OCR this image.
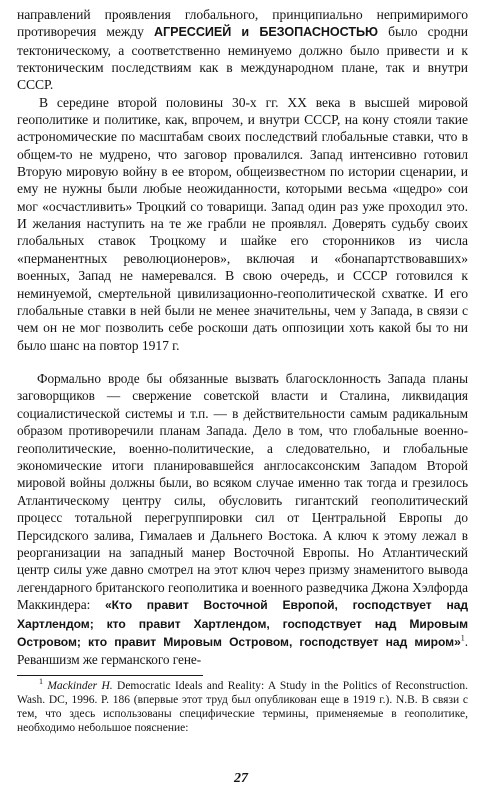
направлений проявления глобального, принципиально непримиримого противоречия между АГРЕССИЕЙ и БЕЗОПАСНОСТЬЮ было сродни тектоническому, а соответственно неминуемо должно было привести и к тектоническим последствиям как в международном плане, так и внутри СССР.

В середине второй половины 30-х гг. XX века в высшей мировой геополитике и политике, как, впрочем, и внутри СССР, на кону стояли такие астрономические по масштабам своих последствий глобальные ставки, что в общем-то не мудрено, что заговор провалился. Запад интенсивно готовил Вторую мировую войну в ее втором, общеизвестном по истории сценарии, и ему не нужны были любые неожиданности, которыми весьма «щедро» сои мог «осчастливить» Троцкий со товарищи. Запад один раз уже проходил это. И желания наступить на те же грабли не проявлял. Доверять судьбу своих глобальных ставок Троцкому и шайке его сторонников из числа «перманентных революционеров», включая и «бонапартствовавших» военных, Запад не намеревался. В свою очередь, и СССР готовился к неминуемой, смертельной цивилизационно-геополитической схватке. И его глобальные ставки в ней были не менее значительны, чем у Запада, в связи с чем он не мог позволить себе роскоши дать оппозиции хоть какой бы то ни было шанс на повтор 1917 г.

Формально вроде бы обязанные вызвать благосклонность Запада планы заговорщиков — свержение советской власти и Сталина, ликвидация социалистической системы и т.п. — в действительности самым радикальным образом противоречили планам Запада. Дело в том, что глобальные военно-геополитические, военно-политические, а следовательно, и глобальные экономические итоги планировавшейся англосаксонским Западом Второй мировой войны должны были, во всяком случае именно так тогда и грезилось Атлантическому центру силы, обусловить гигантский геополитический процесс тотальной перегруппировки сил от Центральной Европы до Персидского залива, Гималаев и Дальнего Востока. А ключ к этому лежал в реорганизации на западный манер Восточной Европы. Но Атлантический центр силы уже давно смотрел на этот ключ через призму знаменитого вывода легендарного британского геополитика и военного разведчика Джона Хэлфорда Маккиндера: «Кто правит Восточной Европой, господствует над Хартлендом; кто правит Хартлендом, господствует над Мировым Островом; кто правит Мировым Островом, господствует над миром»$^1$. Реваншизм же германского гене-

$^1$ Mackinder H. Democratic Ideals and Reality: A Study in the Politics of Reconstruction. Wash. DC, 1996. P. 186 (впервые этот труд был опубликован еще в 1919 г.). N.B. В связи с тем, что здесь использованы специфические термины, применяемые в геополитике, необходимо небольшое пояснение:

27
